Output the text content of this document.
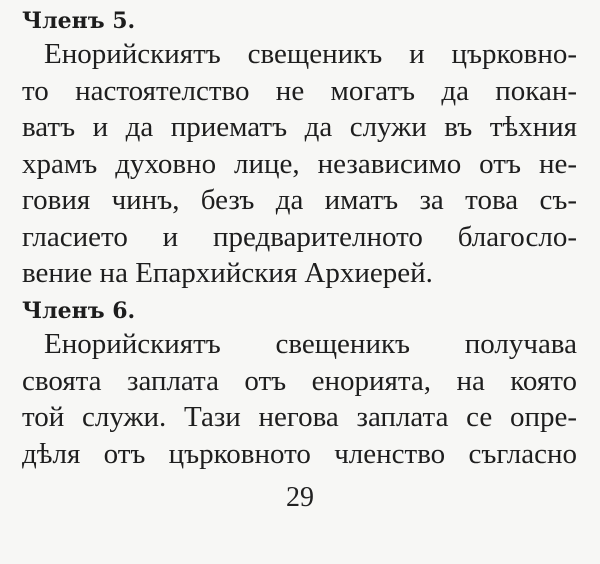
Членъ 5.
Енорийскиятъ свещеникъ и църковно-
то настоятелство не могатъ да покан-
ватъ и да приематъ да служи въ тѣхния
храмъ духовно лице, независимо отъ не-
говия чинъ, безъ да иматъ за това съ-
гласието и предварителното благосло-
вение на Епархийския Архиерей.
Членъ 6.
Енорийскиятъ свещеникъ получава
своята заплата отъ енорията, на която
той служи. Тази негова заплата се опре-
дѣля отъ църковното членство съгласно
29
